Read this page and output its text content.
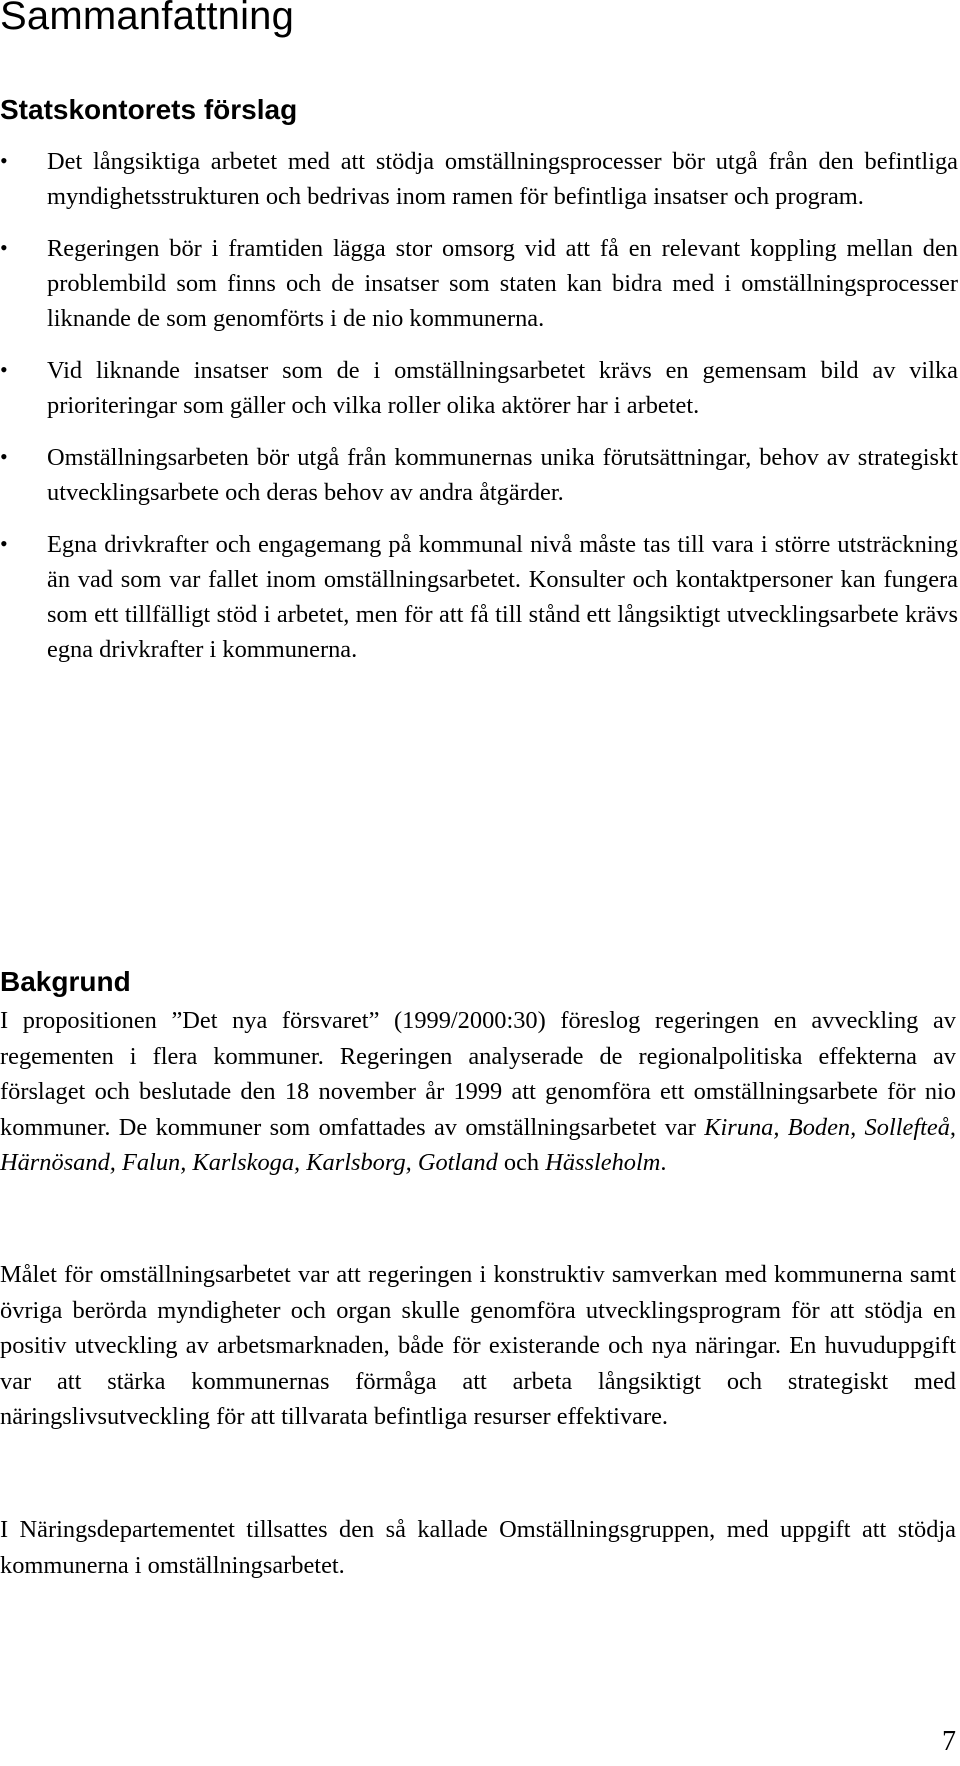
Sammanfattning
Statskontorets förslag
• Det långsiktiga arbetet med att stödja omställningsprocesser bör utgå från den befintliga myndighetsstrukturen och bedrivas inom ramen för befintliga insatser och program.
• Regeringen bör i framtiden lägga stor omsorg vid att få en relevant koppling mellan den problembild som finns och de insatser som staten kan bidra med i omställningsprocesser liknande de som genomförts i de nio kommunerna.
• Vid liknande insatser som de i omställningsarbetet krävs en gemensam bild av vilka prioriteringar som gäller och vilka roller olika aktörer har i arbetet.
• Omställningsarbeten bör utgå från kommunernas unika förutsättningar, behov av strategiskt utvecklingsarbete och deras behov av andra åtgärder.
• Egna drivkrafter och engagemang på kommunal nivå måste tas till vara i större utsträckning än vad som var fallet inom omställningsarbetet. Konsulter och kontaktpersoner kan fungera som ett tillfälligt stöd i arbetet, men för att få till stånd ett långsiktigt utvecklingsarbete krävs egna drivkrafter i kommunerna.
Bakgrund

I propositionen ”Det nya försvaret” (1999/2000:30) föreslog regeringen en avveckling av regementen i flera kommuner. Regeringen analyserade de regionalpolitiska effekterna av förslaget och beslutade den 18 november år 1999 att genomföra ett omställningsarbete för nio kommuner. De kommuner som omfattades av omställningsarbetet var Kiruna, Boden, Sollefteå, Härnösand, Falun, Karlskoga, Karlsborg, Gotland och Hässleholm.

Målet för omställningsarbetet var att regeringen i konstruktiv samverkan med kommunerna samt övriga berörda myndigheter och organ skulle genomföra utvecklingsprogram för att stödja en positiv utveckling av arbetsmarknaden, både för existerande och nya näringar. En huvuduppgift var att stärka kommunernas förmåga att arbeta långsiktigt och strategiskt med näringslivsutveckling för att tillvarata befintliga resurser effektivare.

I Näringsdepartementet tillsattes den så kallade Omställningsgruppen, med uppgift att stödja kommunerna i omställningsarbetet.

7
